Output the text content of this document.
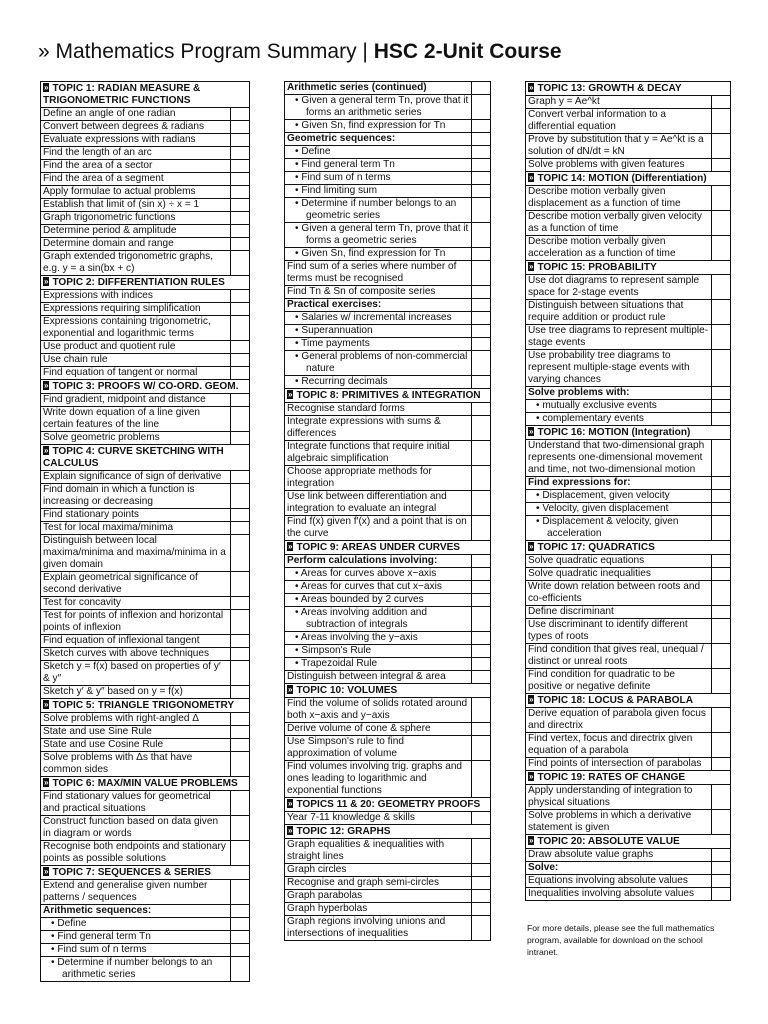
» Mathematics Program Summary | HSC 2-Unit Course
» TOPIC 1: RADIAN MEASURE & TRIGONOMETRIC FUNCTIONS
Define an angle of one radian
Convert between degrees & radians
Evaluate expressions with radians
Find the length of an arc
Find the area of a sector
Find the area of a segment
Apply formulae to actual problems
Establish that limit of (sin x) ÷ x = 1
Graph trigonometric functions
Determine period & amplitude
Determine domain and range
Graph extended trigonometric graphs, e.g. y = a sin(bx + c)
» TOPIC 2: DIFFERENTIATION RULES
Expressions with indices
Expressions requiring simplification
Expressions containing trigonometric, exponential and logarithmic terms
Use product and quotient rule
Use chain rule
Find equation of tangent or normal
» TOPIC 3: PROOFS W/ CO-ORD. GEOM.
Find gradient, midpoint and distance
Write down equation of a line given certain features of the line
Solve geometric problems
» TOPIC 4: CURVE SKETCHING WITH CALCULUS
Explain significance of sign of derivative
Find domain in which a function is increasing or decreasing
Find stationary points
Test for local maxima/minima
Distinguish between local maxima/minima and maxima/minima in a given domain
Explain geometrical significance of second derivative
Test for concavity
Test for points of inflexion and horizontal points of inflexion
Find equation of inflexional tangent
Sketch curves with above techniques
Sketch y = f(x) based on properties of y′ & y″
Sketch y′ & y″ based on y = f(x)
» TOPIC 5: TRIANGLE TRIGONOMETRY
Solve problems with right-angled Δ
State and use Sine Rule
State and use Cosine Rule
Solve problems with Δs that have common sides
» TOPIC 6: MAX/MIN VALUE PROBLEMS
Find stationary values for geometrical and practical situations
Construct function based on data given in diagram or words
Recognise both endpoints and stationary points as possible solutions
» TOPIC 7: SEQUENCES & SERIES
Extend and generalise given number patterns / sequences
Arithmetic sequences:
• Define
• Find general term Tn
• Find sum of n terms
• Determine if number belongs to an arithmetic series
Arithmetic series (continued)
• Given a general term Tn, prove that it forms an arithmetic series
• Given Sn, find expression for Tn
Geometric sequences:
• Define
• Find general term Tn
• Find sum of n terms
• Find limiting sum
• Determine if number belongs to an geometric series
• Given a general term Tn, prove that it forms a geometric series
• Given Sn, find expression for Tn
Find sum of a series where number of terms must be recognised
Find Tn & Sn of composite series
Practical exercises:
• Salaries w/ incremental increases
• Superannuation
• Time payments
• General problems of non-commercial nature
• Recurring decimals
» TOPIC 8: PRIMITIVES & INTEGRATION
Recognise standard forms
Integrate expressions with sums & differences
Integrate functions that require initial algebraic simplification
Choose appropriate methods for integration
Use link between differentiation and integration to evaluate an integral
Find f(x) given f′(x) and a point that is on the curve
» TOPIC 9: AREAS UNDER CURVES
Perform calculations involving:
• Areas for curves above x−axis
• Areas for curves that cut x−axis
• Areas bounded by 2 curves
• Areas involving addition and subtraction of integrals
• Areas involving the y−axis
• Simpson's Rule
• Trapezoidal Rule
Distinguish between integral & area
» TOPIC 10: VOLUMES
Find the volume of solids rotated around both x−axis and y−axis
Derive volume of cone & sphere
Use Simpson's rule to find approximation of volume
Find volumes involving trig. graphs and ones leading to logarithmic and exponential functions
» TOPICS 11 & 20: GEOMETRY PROOFS
Year 7-11 knowledge & skills
» TOPIC 12: GRAPHS
Graph equalities & inequalities with straight lines
Graph circles
Recognise and graph semi-circles
Graph parabolas
Graph hyperbolas
Graph regions involving unions and intersections of inequalities
» TOPIC 13: GROWTH & DECAY
Graph y = Ae^kt
Convert verbal information to a differential equation
Prove by substitution that y = Ae^kt is a solution of dN/dt = kN
Solve problems with given features
» TOPIC 14: MOTION (Differentiation)
Describe motion verbally given displacement as a function of time
Describe motion verbally given velocity as a function of time
Describe motion verbally given acceleration as a function of time
» TOPIC 15: PROBABILITY
Use dot diagrams to represent sample space for 2-stage events
Distinguish between situations that require addition or product rule
Use tree diagrams to represent multiple-stage events
Use probability tree diagrams to represent multiple-stage events with varying chances
Solve problems with:
• mutually exclusive events
• complementary events
» TOPIC 16: MOTION (Integration)
Understand that two-dimensional graph represents one-dimensional movement and time, not two-dimensional motion
Find expressions for:
• Displacement, given velocity
• Velocity, given displacement
• Displacement & velocity, given acceleration
» TOPIC 17: QUADRATICS
Solve quadratic equations
Solve quadratic inequalities
Write down relation between roots and co-efficients
Define discriminant
Use discriminant to identify different types of roots
Find condition that gives real, unequal / distinct or unreal roots
Find condition for quadratic to be positive or negative definite
» TOPIC 18: LOCUS & PARABOLA
Derive equation of parabola given focus and directrix
Find vertex, focus and directrix given equation of a parabola
Find points of intersection of parabolas
» TOPIC 19: RATES OF CHANGE
Apply understanding of integration to physical situations
Solve problems in which a derivative statement is given
» TOPIC 20: ABSOLUTE VALUE
Draw absolute value graphs
Solve:
Equations involving absolute values
Inequalities involving absolute values
For more details, please see the full mathematics program, available for download on the school intranet.
